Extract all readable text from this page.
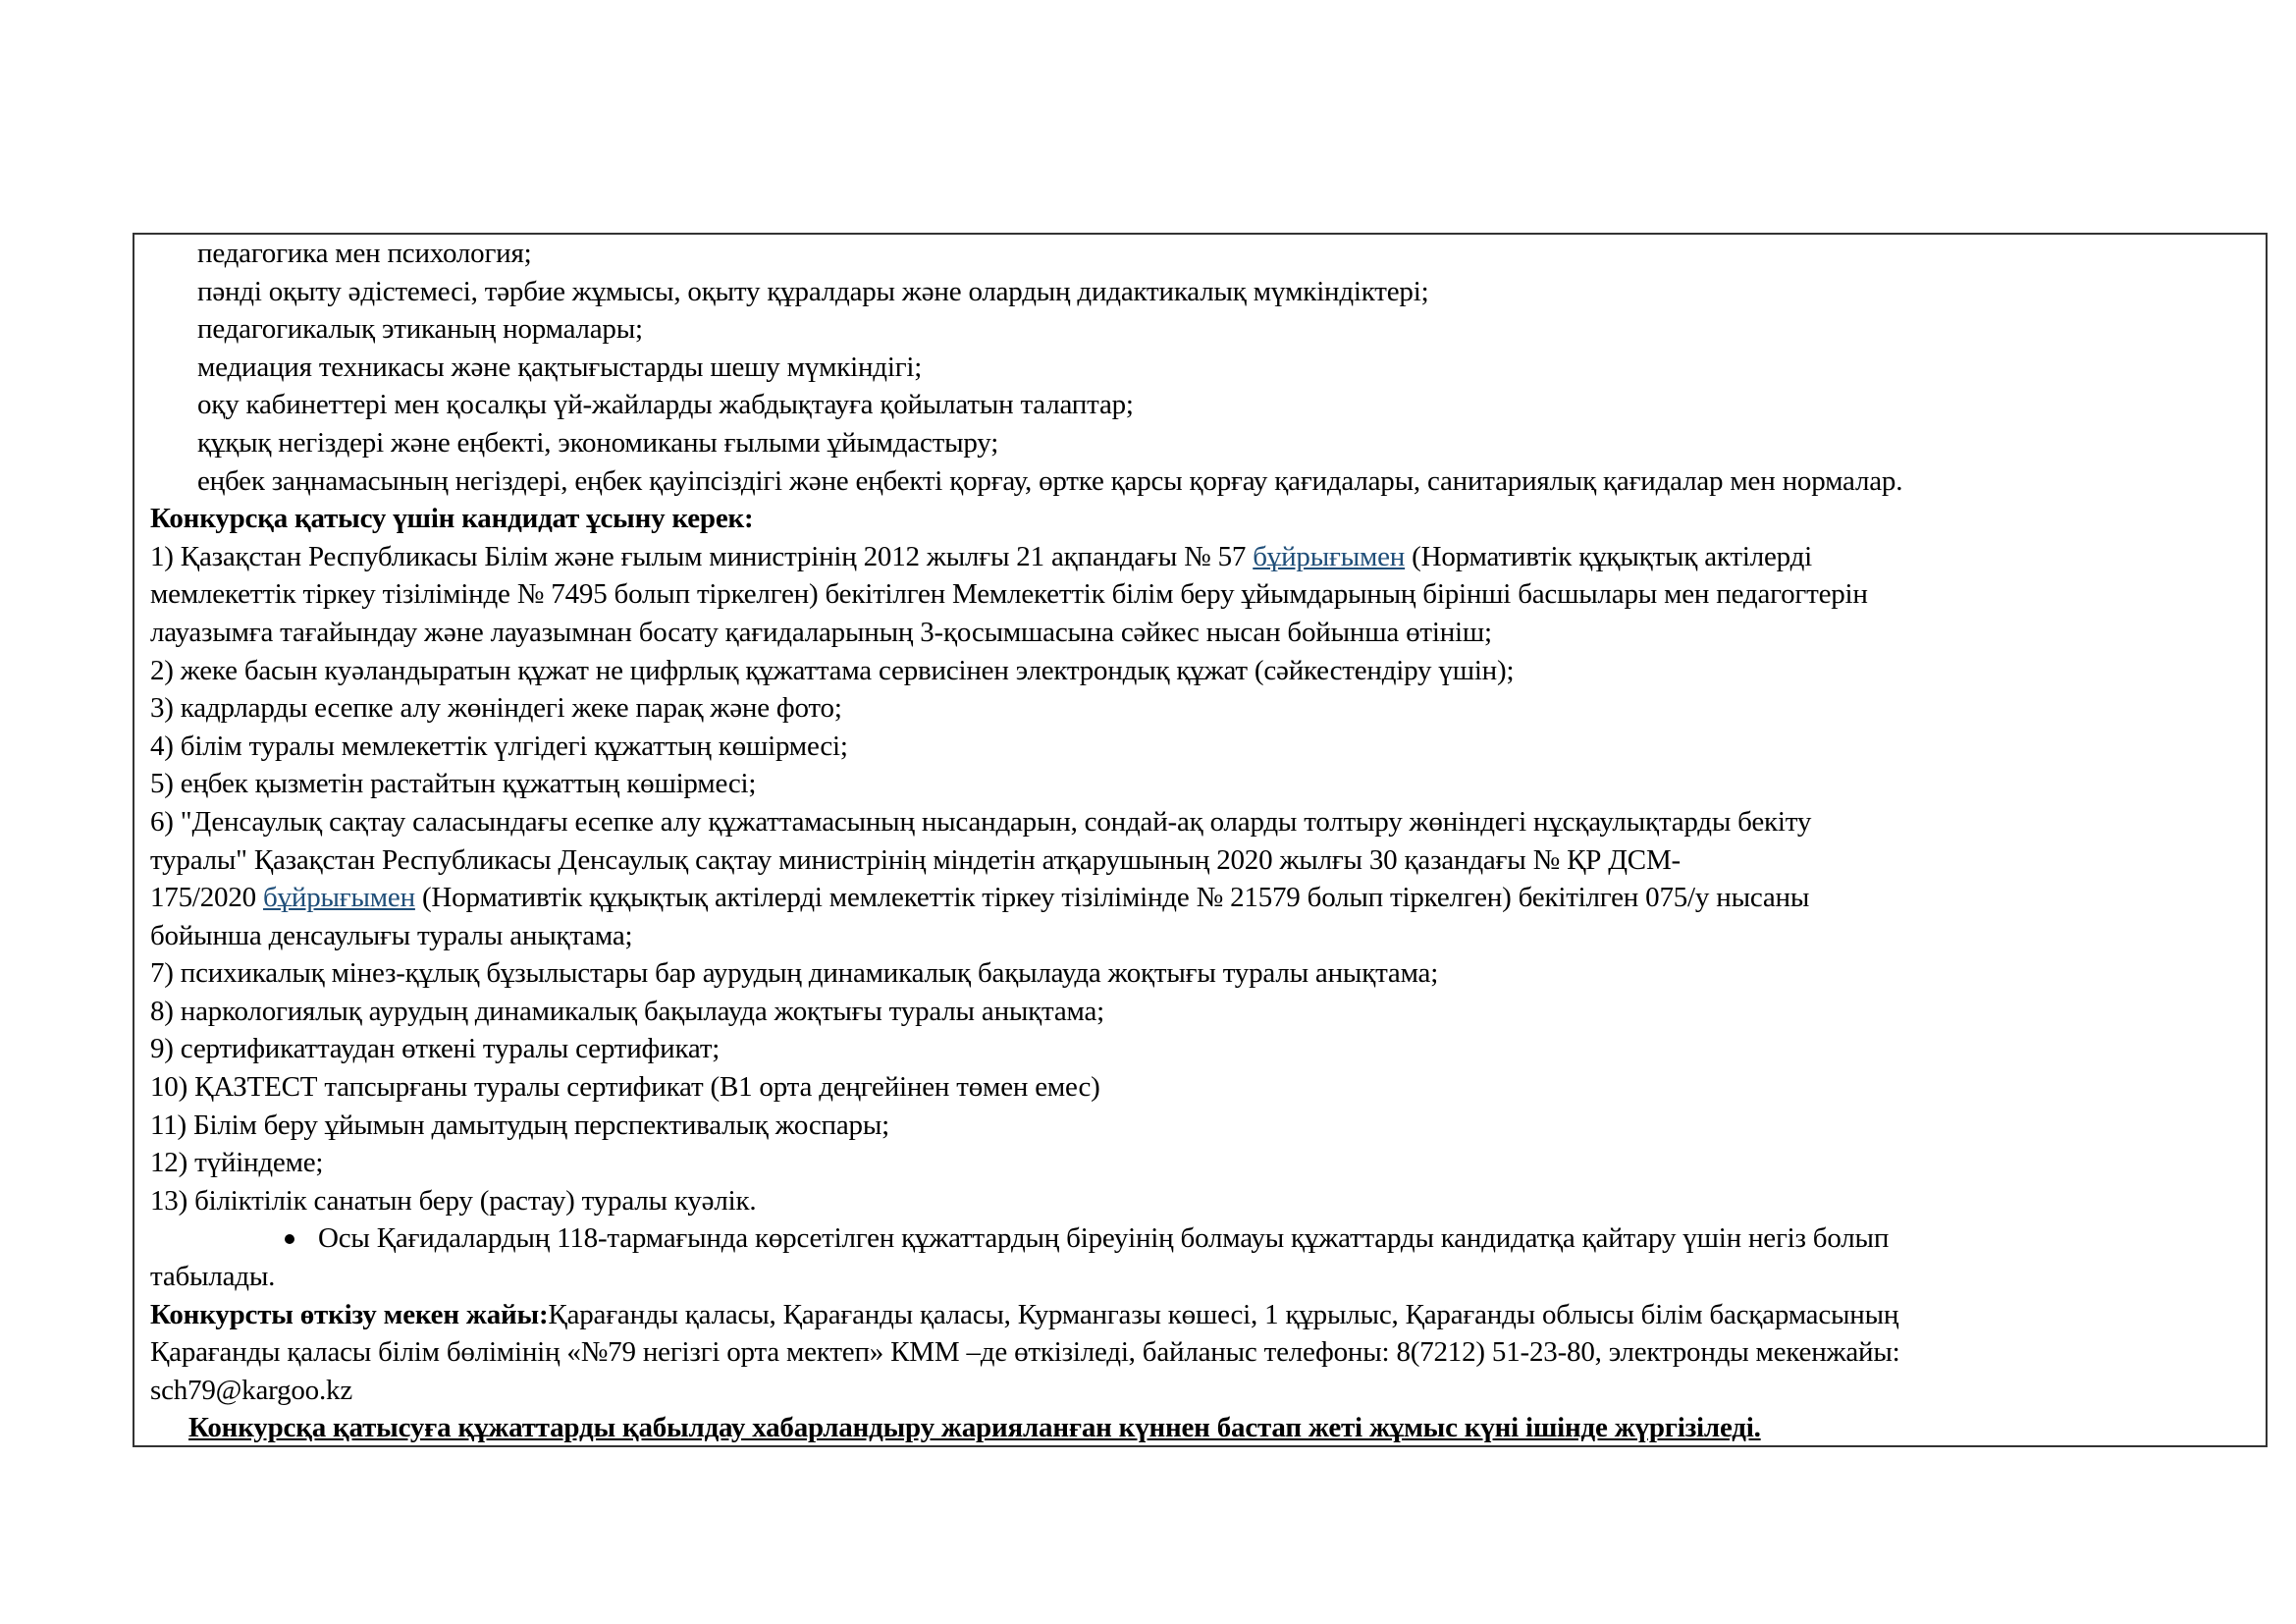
педагогика мен психология;
пәнді оқыту әдістемесі, тәрбие жұмысы, оқыту құралдары және олардың дидактикалық мүмкіндіктері;
педагогикалық этиканың нормалары;
медиация техникасы және қақтығыстарды шешу мүмкіндігі;
оқу кабинеттері мен қосалқы үй-жайларды жабдықтауға қойылатын талаптар;
құқық негіздері және еңбекті, экономиканы ғылыми ұйымдастыру;
еңбек заңнамасының негіздері, еңбек қауіпсіздігі және еңбекті қорғау, өртке қарсы қорғау қағидалары, санитариялық қағидалар мен нормалар.
Конкурсқа қатысу үшін кандидат ұсыну керек:
1) Қазақстан Республикасы Білім және ғылым министрінің 2012 жылғы 21 ақпандағы № 57 бұйрығымен (Нормативтік құқықтық актілерді
мемлекеттік тіркеу тізілімінде № 7495 болып тіркелген) бекітілген Мемлекеттік білім беру ұйымдарының бірінші басшылары мен педагогтерін
лауазымға тағайындау және лауазымнан босату қағидаларының 3-қосымшасына сәйкес нысан бойынша өтініш;
2) жеке басын куәландыратын құжат не цифрлық құжаттама сервисінен электрондық құжат (сәйкестендіру үшін);
3) кадрларды есепке алу жөніндегі жеке парақ және фото;
4) білім туралы мемлекеттік үлгідегі құжаттың көшірмесі;
5) еңбек қызметін растайтын құжаттың көшірмесі;
6) "Денсаулық сақтау саласындағы есепке алу құжаттамасының нысандарын, сондай-ақ оларды толтыру жөніндегі нұсқаулықтарды бекіту
туралы" Қазақстан Республикасы Денсаулық сақтау министрінің міндетін атқарушының 2020 жылғы 30 қазандағы № ҚР ДСМ-
175/2020 бұйрығымен (Нормативтік құқықтық актілерді мемлекеттік тіркеу тізілімінде № 21579 болып тіркелген) бекітілген 075/у нысаны
бойынша денсаулығы туралы анықтама;
7) психикалық мінез-құлық бұзылыстары бар аурудың динамикалық бақылауда жоқтығы туралы анықтама;
8) наркологиялық аурудың динамикалық бақылауда жоқтығы туралы анықтама;
9) сертификаттаудан өткені туралы сертификат;
10) ҚАЗТЕСТ тапсырғаны туралы сертификат (В1 орта деңгейінен төмен емес)
11) Білім беру ұйымын дамытудың перспективалық жоспары;
12) түйіндеме;
13) біліктілік санатын беру (растау) туралы куәлік.
Осы Қағидалардың 118-тармағында көрсетілген құжаттардың біреуінің болмауы құжаттарды кандидатқа қайтару үшін негіз болып
табылады.
Конкурсты өткізу мекен жайы:Қарағанды қаласы, Қарағанды қаласы, Курмангазы көшесі, 1 құрылыс, Қарағанды облысы білім басқармасының
Қарағанды қаласы білім бөлімінің «№79 негізгі орта мектеп» КММ –де өткізіледі, байланыс телефоны: 8(7212) 51-23-80, электронды мекенжайы:
sch79@kargoo.kz
Конкурсқа қатысуға құжаттарды қабылдау хабарландыру жарияланған күннен бастап жеті жұмыс күні ішінде жүргізіледі.
